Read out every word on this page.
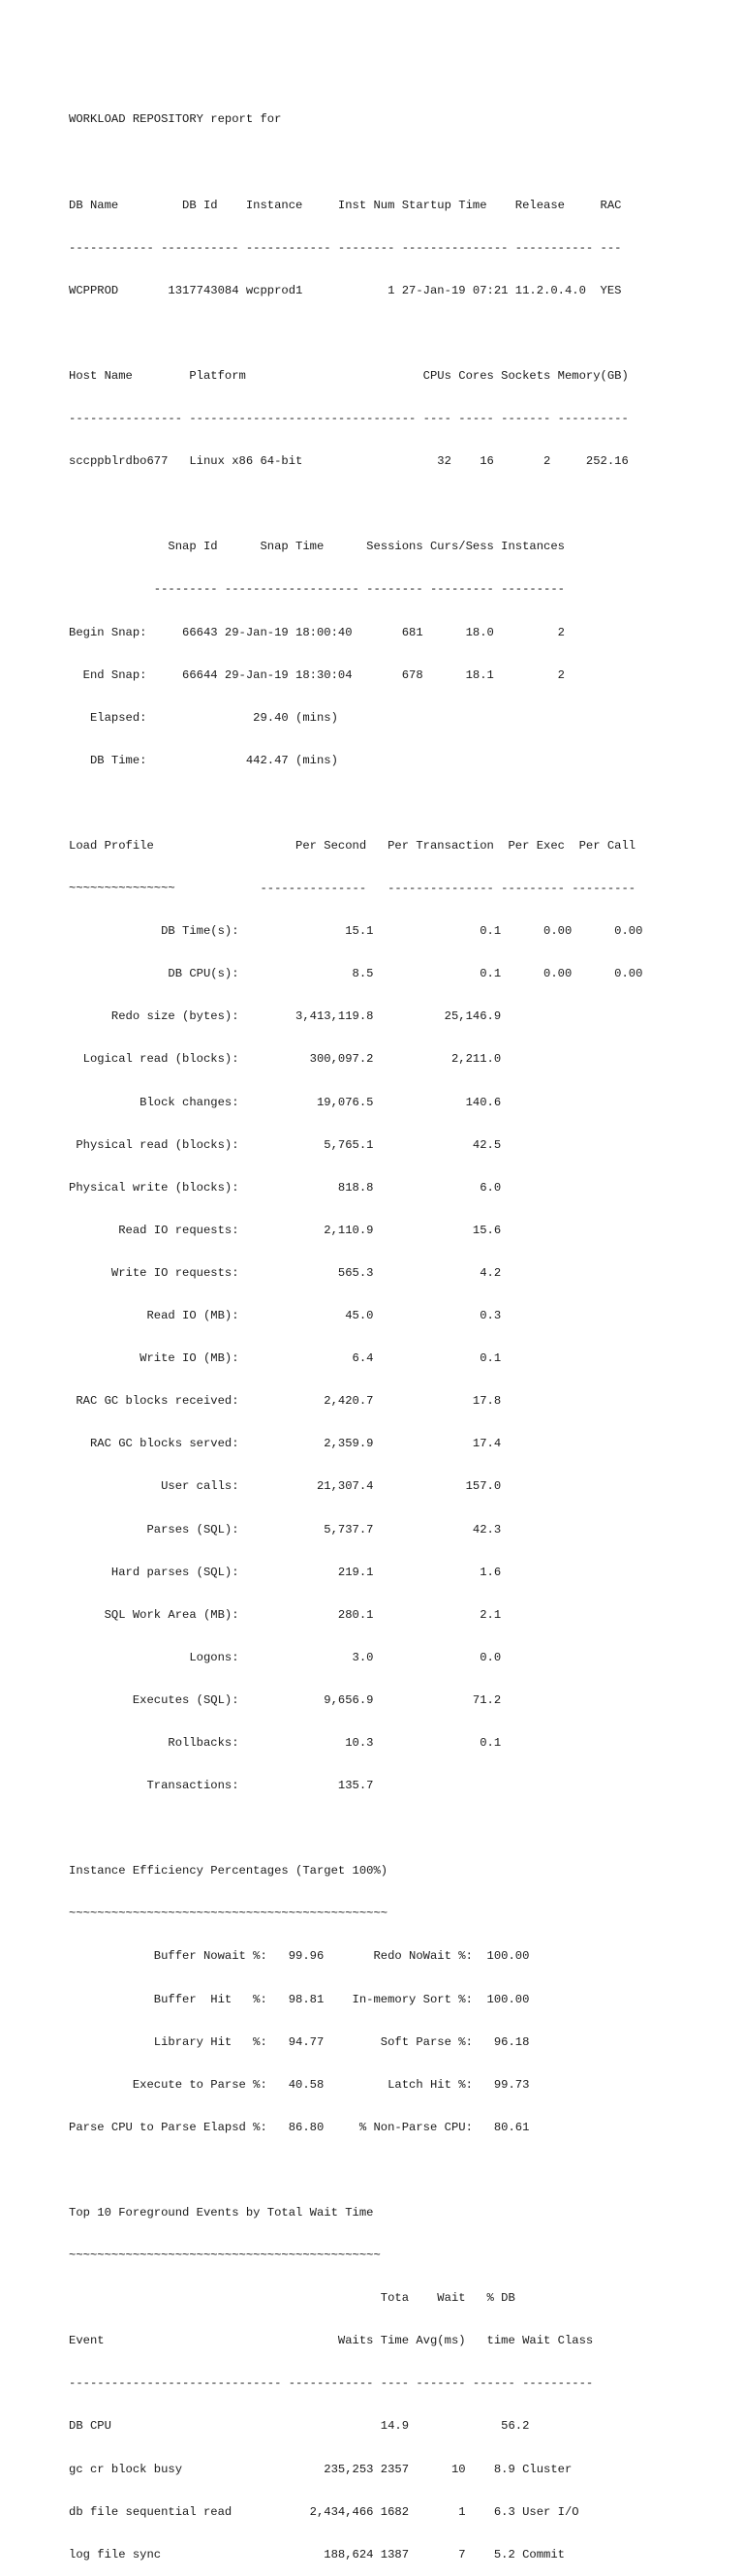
WORKLOAD REPOSITORY report for

DB Name         DB Id    Instance     Inst Num Startup Time    Release     RAC

------------ ----------- ------------ -------- --------------- ----------- ---

WCPPROD       1317743084 wcpprod1            1 27-Jan-19 07:21 11.2.0.4.0  YES

Host Name        Platform                         CPUs Cores Sockets Memory(GB)

---------------- -------------------------------- ---- ----- ------- ----------

sccppblrdbo677   Linux x86 64-bit                   32    16       2     252.16

Snap Id      Snap Time      Sessions Curs/Sess Instances

--------- ------------------- -------- --------- ---------

Begin Snap:     66643 29-Jan-19 18:00:40       681      18.0         2

End Snap:     66644 29-Jan-19 18:30:04       678      18.1         2

Elapsed:               29.40 (mins)

DB Time:              442.47 (mins)

Load Profile                    Per Second   Per Transaction  Per Exec  Per Call

~~~~~~~~~~~~~~~            ---------------   --------------- --------- ---------

DB Time(s):               15.1               0.1      0.00      0.00

DB CPU(s):                8.5               0.1      0.00      0.00

Redo size (bytes):        3,413,119.8          25,146.9

Logical read (blocks):          300,097.2           2,211.0

Block changes:           19,076.5             140.6

Physical read (blocks):            5,765.1              42.5

Physical write (blocks):              818.8               6.0

Read IO requests:            2,110.9              15.6

Write IO requests:              565.3               4.2

Read IO (MB):               45.0               0.3

Write IO (MB):                6.4               0.1

RAC GC blocks received:            2,420.7              17.8

RAC GC blocks served:            2,359.9              17.4

User calls:           21,307.4             157.0

Parses (SQL):            5,737.7              42.3

Hard parses (SQL):              219.1               1.6

SQL Work Area (MB):              280.1               2.1

Logons:                3.0               0.0

Executes (SQL):            9,656.9              71.2

Rollbacks:               10.3               0.1

Transactions:              135.7

Instance Efficiency Percentages (Target 100%)

~~~~~~~~~~~~~~~~~~~~~~~~~~~~~~~~~~~~~~~~~~~~~

Buffer Nowait %:   99.96       Redo NoWait %:  100.00

Buffer  Hit   %:   98.81    In-memory Sort %:  100.00

Library Hit   %:   94.77        Soft Parse %:   96.18

Execute to Parse %:   40.58         Latch Hit %:   99.73

Parse CPU to Parse Elapsd %:   86.80     % Non-Parse CPU:   80.61

Top 10 Foreground Events by Total Wait Time

~~~~~~~~~~~~~~~~~~~~~~~~~~~~~~~~~~~~~~~~~~~~

Tota    Wait   % DB

Event                                 Waits Time Avg(ms)   time Wait Class

------------------------------ ------------ ---- ------- ------ ----------

DB CPU                                      14.9             56.2

gc cr block busy                    235,253 2357      10    8.9 Cluster

db file sequential read           2,434,466 1682       1    6.3 User I/O

log file sync                       188,624 1387       7    5.2 Commit
